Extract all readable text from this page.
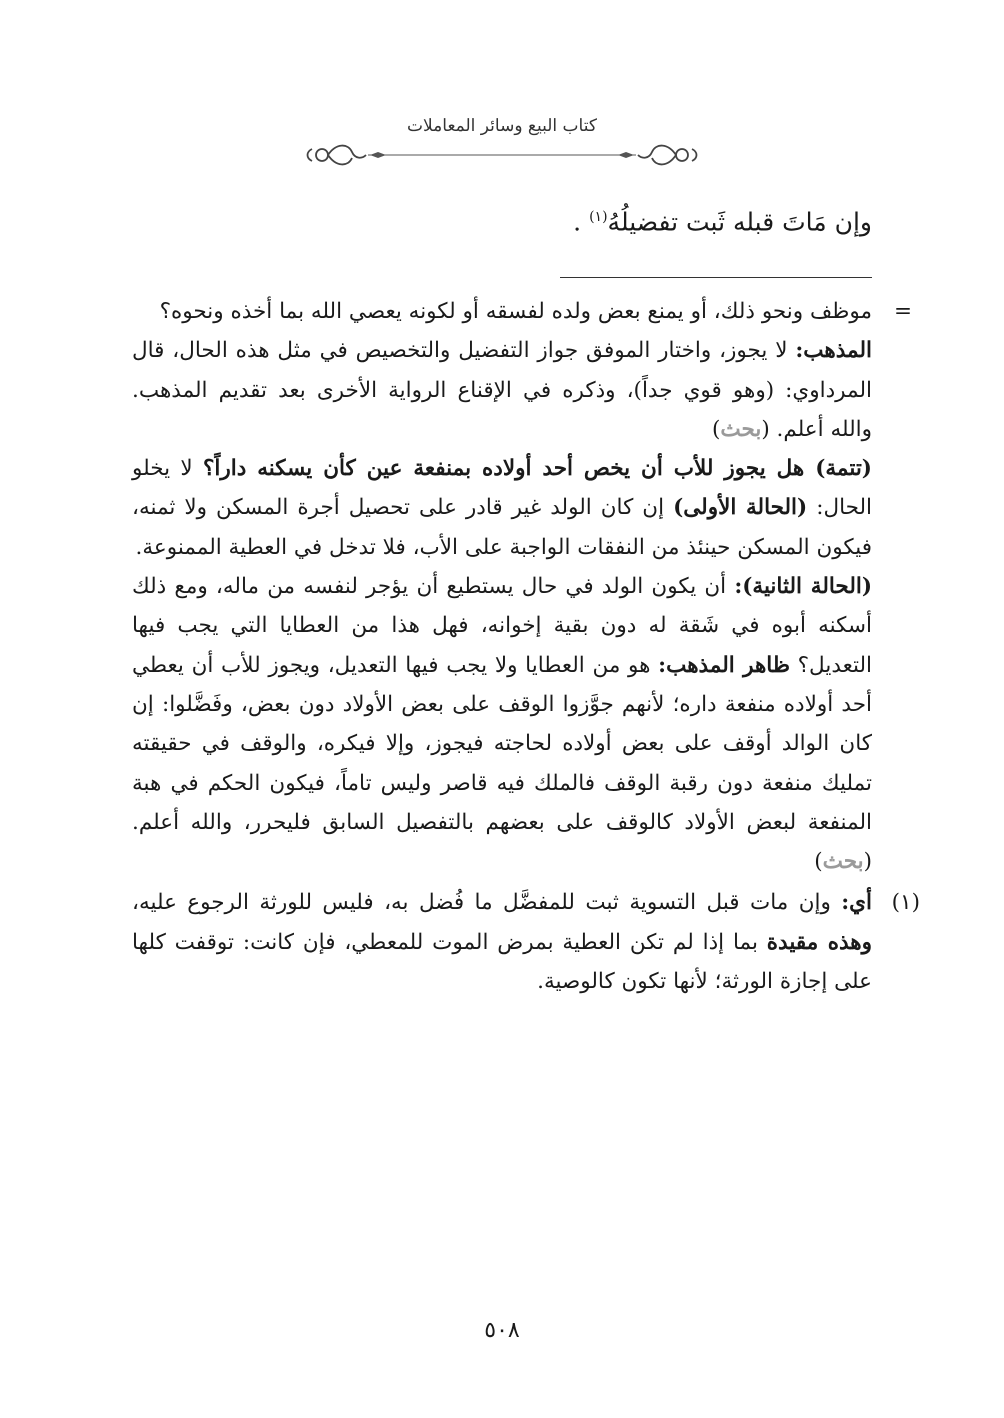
كتاب البيع وسائر المعاملات
وإن مَاتَ قبله ثَبت تفضيلُهُ$^{(١)}$ .

=
موظف ونحو ذلك، أو يمنع بعض ولده لفسقه أو لكونه يعصي الله بما أخذه ونحوه؟

المذهب: لا يجوز، واختار الموفق جواز التفضيل والتخصيص في مثل هذه الحال، قال المرداوي: (وهو قوي جداً)، وذكره في الإقناع الرواية الأخرى بعد تقديم المذهب. والله أعلم. (بحث)

(تتمة) هل يجوز للأب أن يخص أحد أولاده بمنفعة عين كأن يسكنه داراً؟ لا يخلو الحال: (الحالة الأولى) إن كان الولد غير قادر على تحصيل أجرة المسكن ولا ثمنه، فيكون المسكن حينئذ من النفقات الواجبة على الأب، فلا تدخل في العطية الممنوعة.

(الحالة الثانية): أن يكون الولد في حال يستطيع أن يؤجر لنفسه من ماله، ومع ذلك أسكنه أبوه في شَقة له دون بقية إخوانه، فهل هذا من العطايا التي يجب فيها التعديل؟ ظاهر المذهب: هو من العطايا ولا يجب فيها التعديل، ويجوز للأب أن يعطي أحد أولاده منفعة داره؛ لأنهم جوَّزوا الوقف على بعض الأولاد دون بعض، وفَضَّلوا: إن كان الوالد أوقف على بعض أولاده لحاجته فيجوز، وإلا فيكره، والوقف في حقيقته تمليك منفعة دون رقبة الوقف فالملك فيه قاصر وليس تاماً، فيكون الحكم في هبة المنفعة لبعض الأولاد كالوقف على بعضهم بالتفصيل السابق فليحرر، والله أعلم. (بحث)

(١)
أي: وإن مات قبل التسوية ثبت للمفضَّل ما فُضل به، فليس للورثة الرجوع عليه، وهذه مقيدة بما إذا لم تكن العطية بمرض الموت للمعطي، فإن كانت: توقفت كلها على إجازة الورثة؛ لأنها تكون كالوصية.

٥٠٨
